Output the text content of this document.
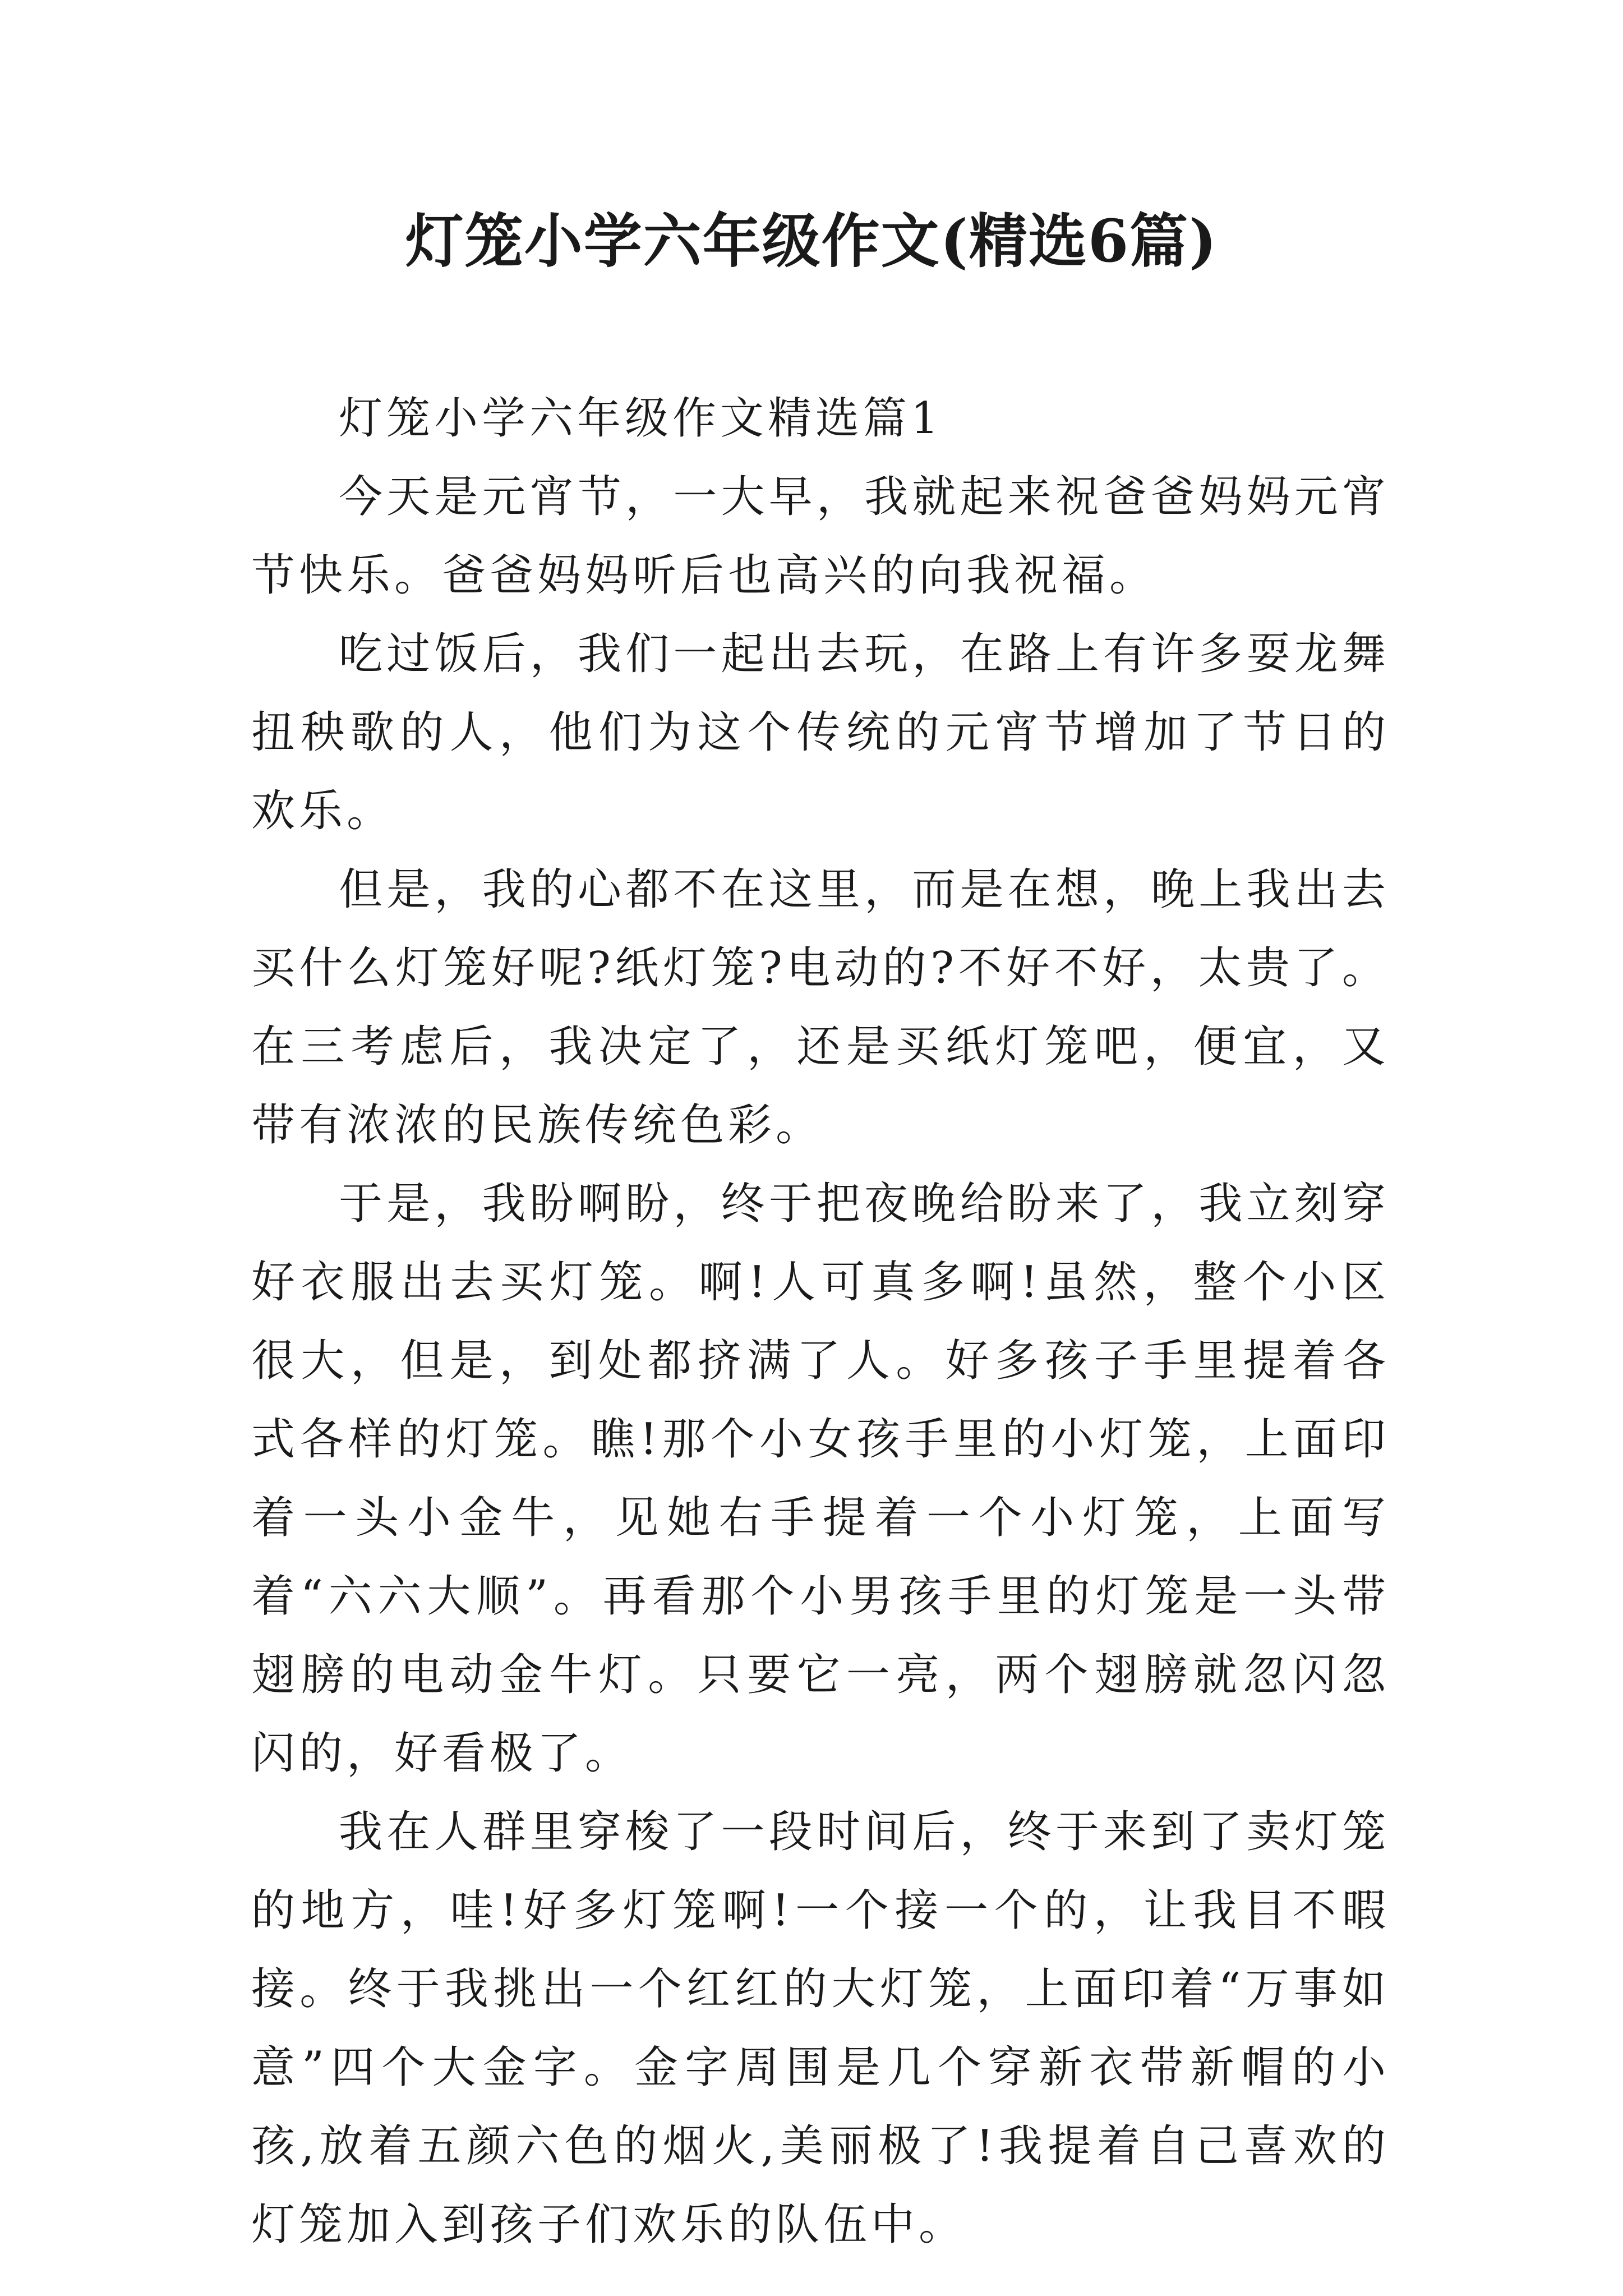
灯笼小学六年级作文(精选6篇)

灯笼小学六年级作文精选篇1

今天是元宵节，一大早，我就起来祝爸爸妈妈元宵节快乐。爸爸妈妈听后也高兴的向我祝福。

吃过饭后，我们一起出去玩，在路上有许多耍龙舞扭秧歌的人，他们为这个传统的元宵节增加了节日的欢乐。

但是，我的心都不在这里，而是在想，晚上我出去买什么灯笼好呢?纸灯笼?电动的?不好不好，太贵了。在三考虑后，我决定了，还是买纸灯笼吧，便宜，又带有浓浓的民族传统色彩。

于是，我盼啊盼，终于把夜晚给盼来了，我立刻穿好衣服出去买灯笼。啊!人可真多啊!虽然，整个小区很大，但是，到处都挤满了人。好多孩子手里提着各式各样的灯笼。瞧!那个小女孩手里的小灯笼，上面印着一头小金牛，见她右手提着一个小灯笼，上面写着“六六大顺”。再看那个小男孩手里的灯笼是一头带翅膀的电动金牛灯。只要它一亮，两个翅膀就忽闪忽闪的，好看极了。

我在人群里穿梭了一段时间后，终于来到了卖灯笼的地方，哇!好多灯笼啊!一个接一个的，让我目不暇接。终于我挑出一个红红的大灯笼，上面印着“万事如意”四个大金字。金字周围是几个穿新衣带新帽的小孩,放着五颜六色的烟火,美丽极了!我提着自己喜欢的灯笼加入到孩子们欢乐的队伍中。
